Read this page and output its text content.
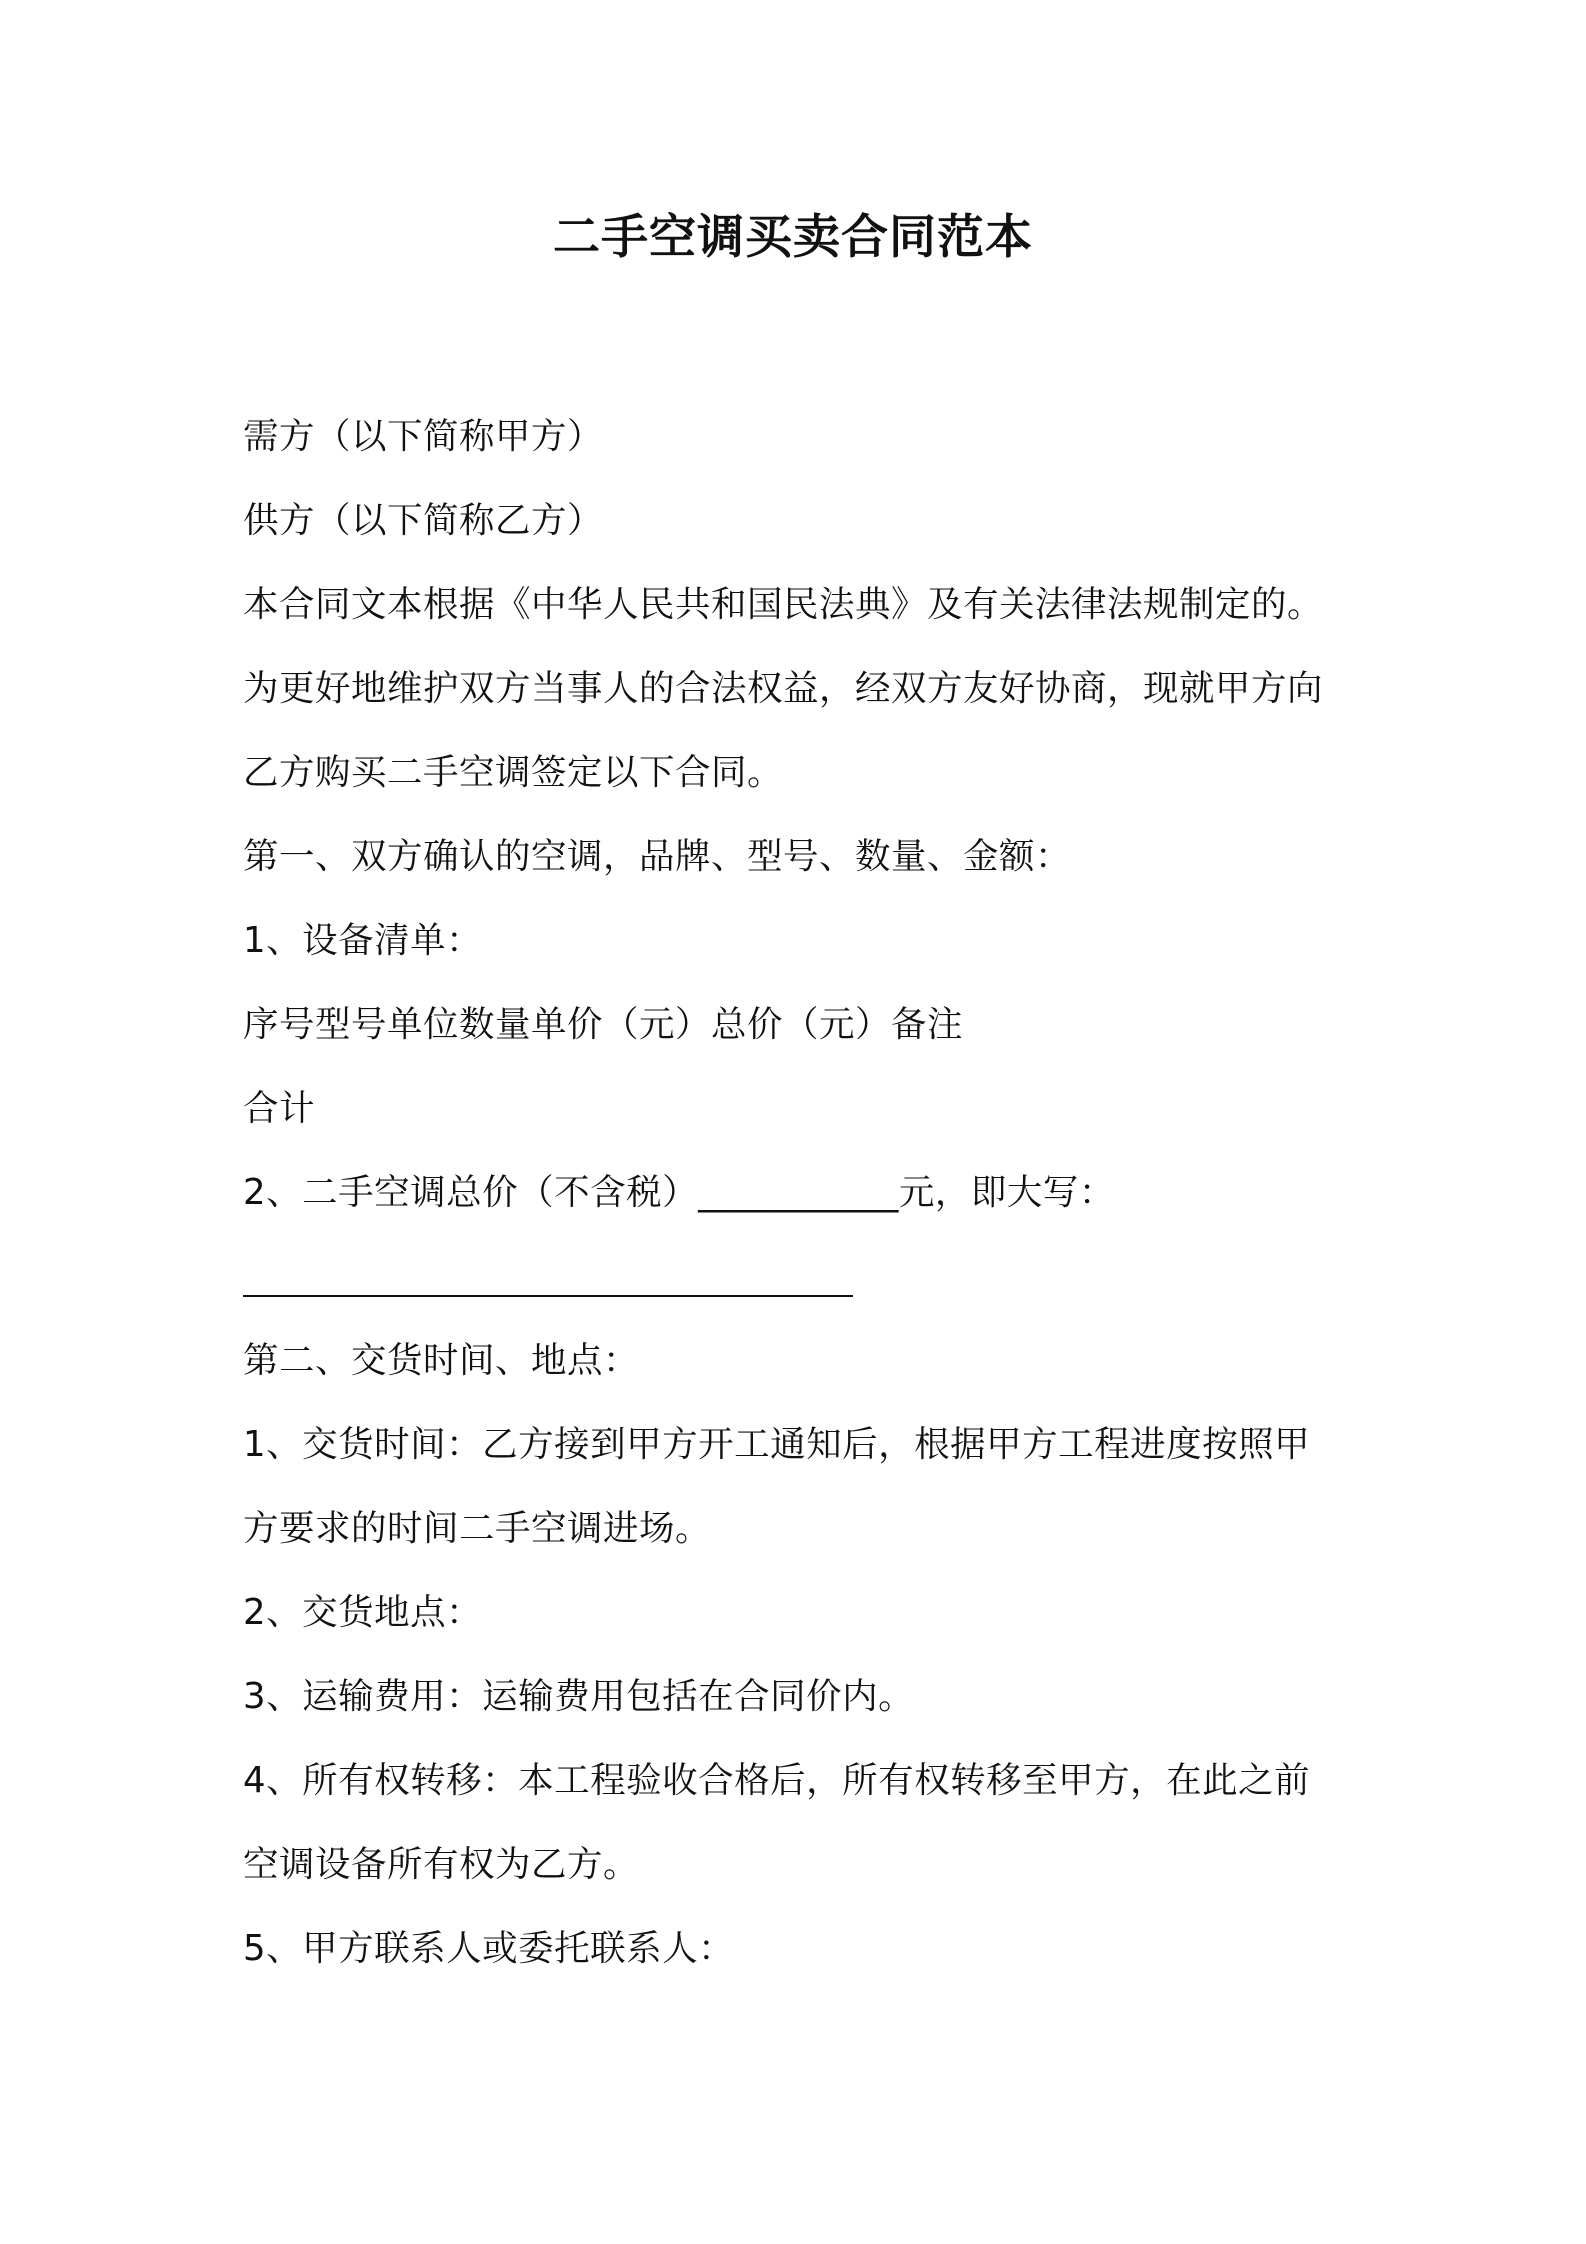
二手空调买卖合同范本
需方（以下简称甲方）
供方（以下简称乙方）
本合同文本根据《中华人民共和国民法典》及有关法律法规制定的。
为更好地维护双方当事人的合法权益，经双方友好协商，现就甲方向
乙方购买二手空调签定以下合同。
第一、双方确认的空调，品牌、型号、数量、金额：
1、设备清单：
序号型号单位数量单价（元）总价（元）备注
合计
2、二手空调总价（不含税）___________元，即大写：
第二、交货时间、地点：
1、交货时间：乙方接到甲方开工通知后，根据甲方工程进度按照甲
方要求的时间二手空调进场。
2、交货地点：
3、运输费用：运输费用包括在合同价内。
4、所有权转移：本工程验收合格后，所有权转移至甲方，在此之前
空调设备所有权为乙方。
5、甲方联系人或委托联系人：
